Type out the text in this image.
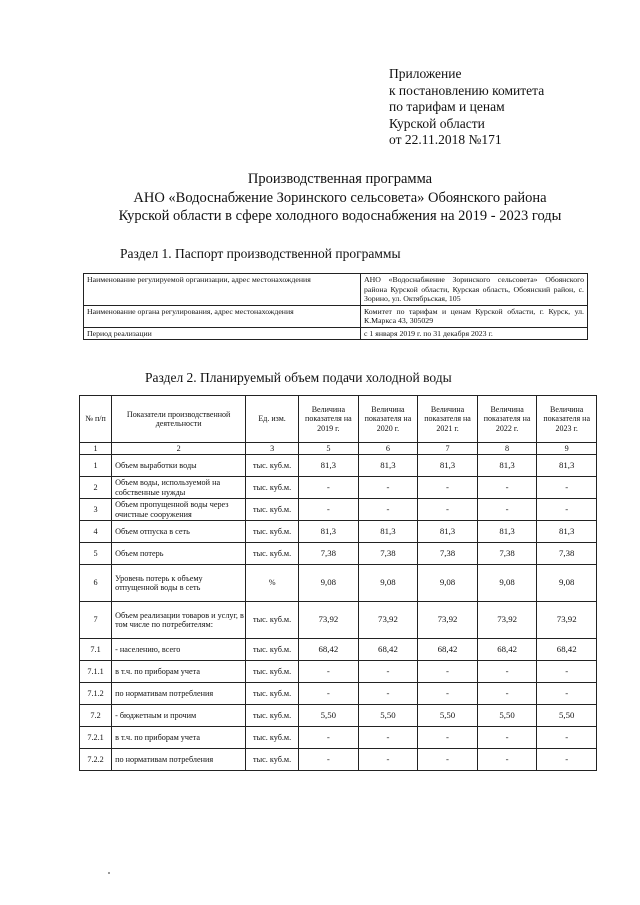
Приложение
к постановлению комитета
по тарифам и ценам
Курской области
от 22.11.2018 №171
Производственная программа
АНО «Водоснабжение Зоринского сельсовета» Обоянского района
Курской области в сфере холодного водоснабжения на 2019 - 2023 годы
Раздел 1. Паспорт производственной программы
Наименование регулируемой организации, адрес местонахождения	АНО «Водоснабжение Зоринского сельсовета» Обоянского района Курской области, Курская область, Обоянский район, с. Зорино, ул. Октябрьская, 105
Наименование органа регулирования, адрес местонахождения	Комитет по тарифам и ценам Курской области, г. Курск, ул. К.Маркса 43, 305029
Период реализации	с 1 января 2019 г. по 31 декабря 2023 г.
Раздел 2. Планируемый объем подачи холодной воды
№ п/п	Показатели производственной деятельности	Ед. изм.	Величина показателя на 2019 г.	Величина показателя на 2020 г.	Величина показателя на 2021 г.	Величина показателя на 2022 г.	Величина показателя на 2023 г.
1	2	3	5	6	7	8	9
1	Объем выработки воды	тыс. куб.м.	81,3	81,3	81,3	81,3	81,3
2	Объем воды, используемой на собственные нужды	тыс. куб.м.	-	-	-	-	-
3	Объем пропущенной воды через очистные сооружения	тыс. куб.м.	-	-	-	-	-
4	Объем отпуска в сеть	тыс. куб.м.	81,3	81,3	81,3	81,3	81,3
5	Объем потерь	тыс. куб.м.	7,38	7,38	7,38	7,38	7,38
6	Уровень потерь к объему отпущенной воды в сеть	%	9,08	9,08	9,08	9,08	9,08
7	Объем реализации товаров и услуг, в том числе по потребителям:	тыс. куб.м.	73,92	73,92	73,92	73,92	73,92
7.1	- населению, всего	тыс. куб.м.	68,42	68,42	68,42	68,42	68,42
7.1.1	в т.ч. по приборам учета	тыс. куб.м.	-	-	-	-	-
7.1.2	по нормативам потребления	тыс. куб.м.	-	-	-	-	-
7.2	- бюджетным и прочим	тыс. куб.м.	5,50	5,50	5,50	5,50	5,50
7.2.1	в т.ч. по приборам учета	тыс. куб.м.	-	-	-	-	-
7.2.2	по нормативам потребления	тыс. куб.м.	-	-	-	-	-
